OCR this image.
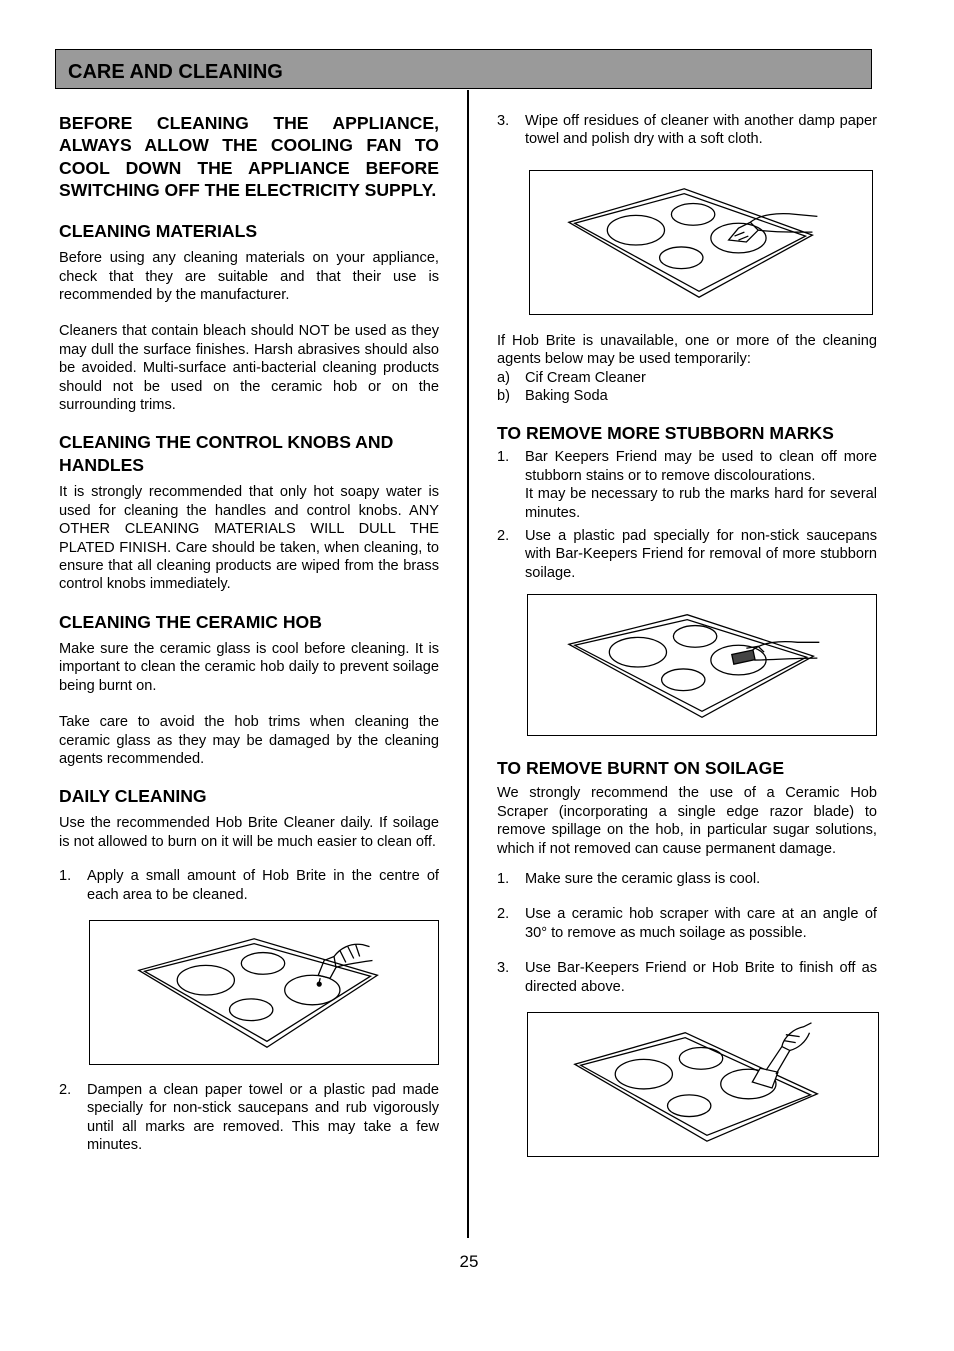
CARE AND CLEANING

BEFORE CLEANING THE APPLIANCE, ALWAYS ALLOW THE COOLING FAN TO COOL DOWN THE APPLIANCE BEFORE SWITCHING OFF THE ELECTRICITY SUPPLY.

CLEANING MATERIALS

Before using any cleaning materials on your appliance, check that they are suitable and that their use is recommended by the manufacturer.

Cleaners that contain bleach should NOT be used as they may dull the surface finishes. Harsh abrasives should also be avoided. Multi-surface anti-bacterial cleaning products should not be used on the ceramic hob or on the surrounding trims.

CLEANING THE CONTROL KNOBS AND HANDLES

It is strongly recommended that only hot soapy water is used for cleaning the handles and control knobs. ANY OTHER CLEANING MATERIALS WILL DULL THE PLATED FINISH. Care should be taken, when cleaning, to ensure that all cleaning products are wiped from the brass control knobs immediately.

CLEANING THE CERAMIC HOB

Make sure the ceramic glass is cool before cleaning. It is important to clean the ceramic hob daily to prevent soilage being burnt on.

Take care to avoid the hob trims when cleaning the ceramic glass as they may be damaged by the cleaning agents recommended.

DAILY CLEANING

Use the recommended Hob Brite Cleaner daily. If soilage is not allowed to burn on it will be much easier to clean off.

1.	Apply a small amount of Hob Brite in the centre of each area to be cleaned.
2.	Dampen a clean paper towel or a plastic pad made specially for non-stick saucepans and rub vigorously until all marks are removed. This may take a few minutes.
3.	Wipe off residues of cleaner with another damp paper towel and polish dry with a soft cloth.

If Hob Brite is unavailable, one or more of the cleaning agents below may be used temporarily:

a)	Cif Cream Cleaner
b)	Baking Soda
TO REMOVE MORE STUBBORN MARKS
1.	Bar Keepers Friend may be used to clean off more stubborn stains or to remove discolourations.
It may be necessary to rub the marks hard for several minutes.
2.	Use a plastic pad specially for non-stick saucepans with Bar-Keepers Friend for removal of more stubborn soilage.
TO REMOVE BURNT ON SOILAGE

We strongly recommend the use of a Ceramic Hob Scraper (incorporating a single edge razor blade) to remove spillage on the hob, in particular sugar solutions, which if not removed can cause permanent damage.

1.	Make sure the ceramic glass is cool.
2.	Use a ceramic hob scraper with care at an angle of 30° to remove as much soilage as possible.
3.	Use Bar-Keepers Friend or Hob Brite to finish off as directed above.
25
